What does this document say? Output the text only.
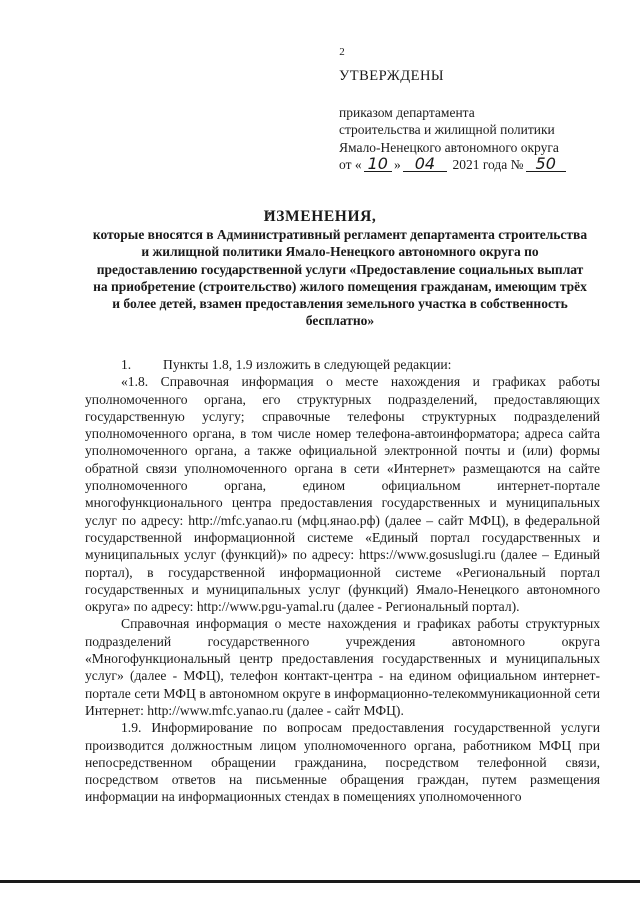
2
УТВЕРЖДЕНЫ
приказом департамента
строительства и жилищной политики
Ямало-Ненецкого автономного округа
от « 10 » 04 2021 года № 50
ИЗМЕНЕНИЯ,
которые вносятся в Административный регламент департамента строительства и жилищной политики Ямало-Ненецкого автономного округа по предоставлению государственной услуги «Предоставление социальных выплат на приобретение (строительство) жилого помещения гражданам, имеющим трёх и более детей, взамен предоставления земельного участка в собственность бесплатно»

1. Пункты 1.8, 1.9 изложить в следующей редакции:

«1.8. Справочная информация о месте нахождения и графиках работы уполномоченного органа, его структурных подразделений, предоставляющих государственную услугу; справочные телефоны структурных подразделений уполномоченного органа, в том числе номер телефона-автоинформатора; адреса сайта уполномоченного органа, а также официальной электронной почты и (или) формы обратной связи уполномоченного органа в сети «Интернет» размещаются на сайте уполномоченного органа, едином официальном интернет-портале многофункционального центра предоставления государственных и муниципальных услуг по адресу: http://mfc.yanao.ru (мфц.янао.рф) (далее – сайт МФЦ), в федеральной государственной информационной системе «Единый портал государственных и муниципальных услуг (функций)» по адресу: https://www.gosuslugi.ru (далее – Единый портал), в государственной информационной системе «Региональный портал государственных и муниципальных услуг (функций) Ямало-Ненецкого автономного округа» по адресу: http://www.pgu-yamal.ru (далее - Региональный портал).

Справочная информация о месте нахождения и графиках работы структурных подразделений государственного учреждения автономного округа «Многофункциональный центр предоставления государственных и муниципальных услуг» (далее - МФЦ), телефон контакт-центра - на едином официальном интернет-портале сети МФЦ в автономном округе в информационно-телекоммуникационной сети Интернет: http://www.mfc.yanao.ru (далее - сайт МФЦ).

1.9. Информирование по вопросам предоставления государственной услуги производится должностным лицом уполномоченного органа, работником МФЦ при непосредственном обращении гражданина, посредством телефонной связи, посредством ответов на письменные обращения граждан, путем размещения информации на информационных стендах в помещениях уполномоченного
